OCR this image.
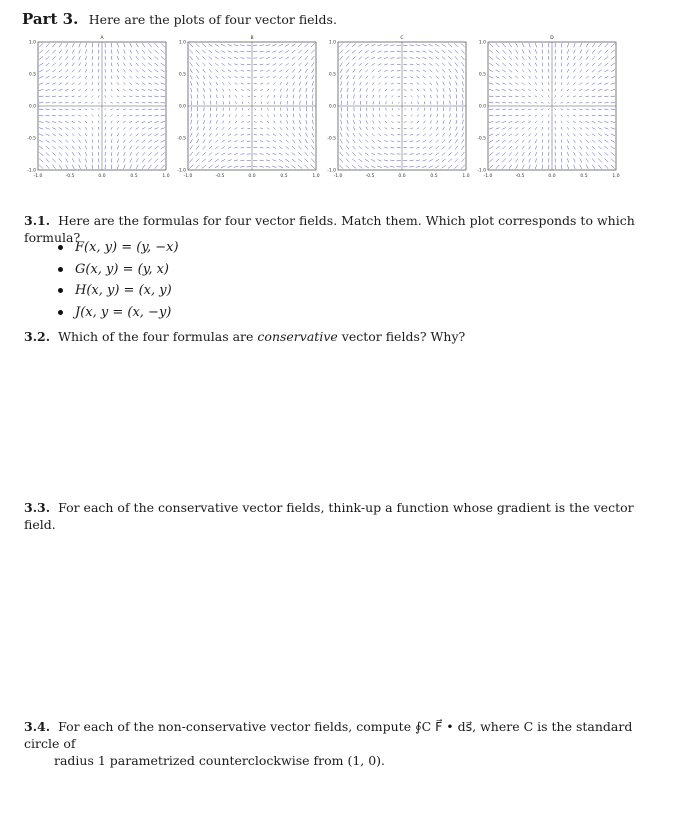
Part 3. Here are the plots of four vector fields.
A
-1.0	-0.5	0.0	0.5	1.0
1.0
0.5
0.0
-0.5
-1.0
B
-1.0	-0.5	0.0	0.5	1.0
1.0
0.5
0.0
-0.5
-1.0
C
-1.0	-0.5	0.0	0.5	1.0
1.0
0.5
0.0
-0.5
-1.0
D
-1.0	-0.5	0.0	0.5	1.0
1.0
0.5
0.0
-0.5
-1.0
3.1. Here are the formulas for four vector fields. Match them. Which plot corresponds to which formula?
F(x, y) = (y, −x)
G(x, y) = (y, x)
H(x, y) = (x, y)
J(x, y = (x, −y)
3.2. Which of the four formulas are conservative vector fields? Why?
3.3. For each of the conservative vector fields, think-up a function whose gradient is the vector field.
3.4. For each of the non-conservative vector fields, compute ∮C F⃗ • ds⃗, where C is the standard circle of
radius 1 parametrized counterclockwise from (1, 0).
